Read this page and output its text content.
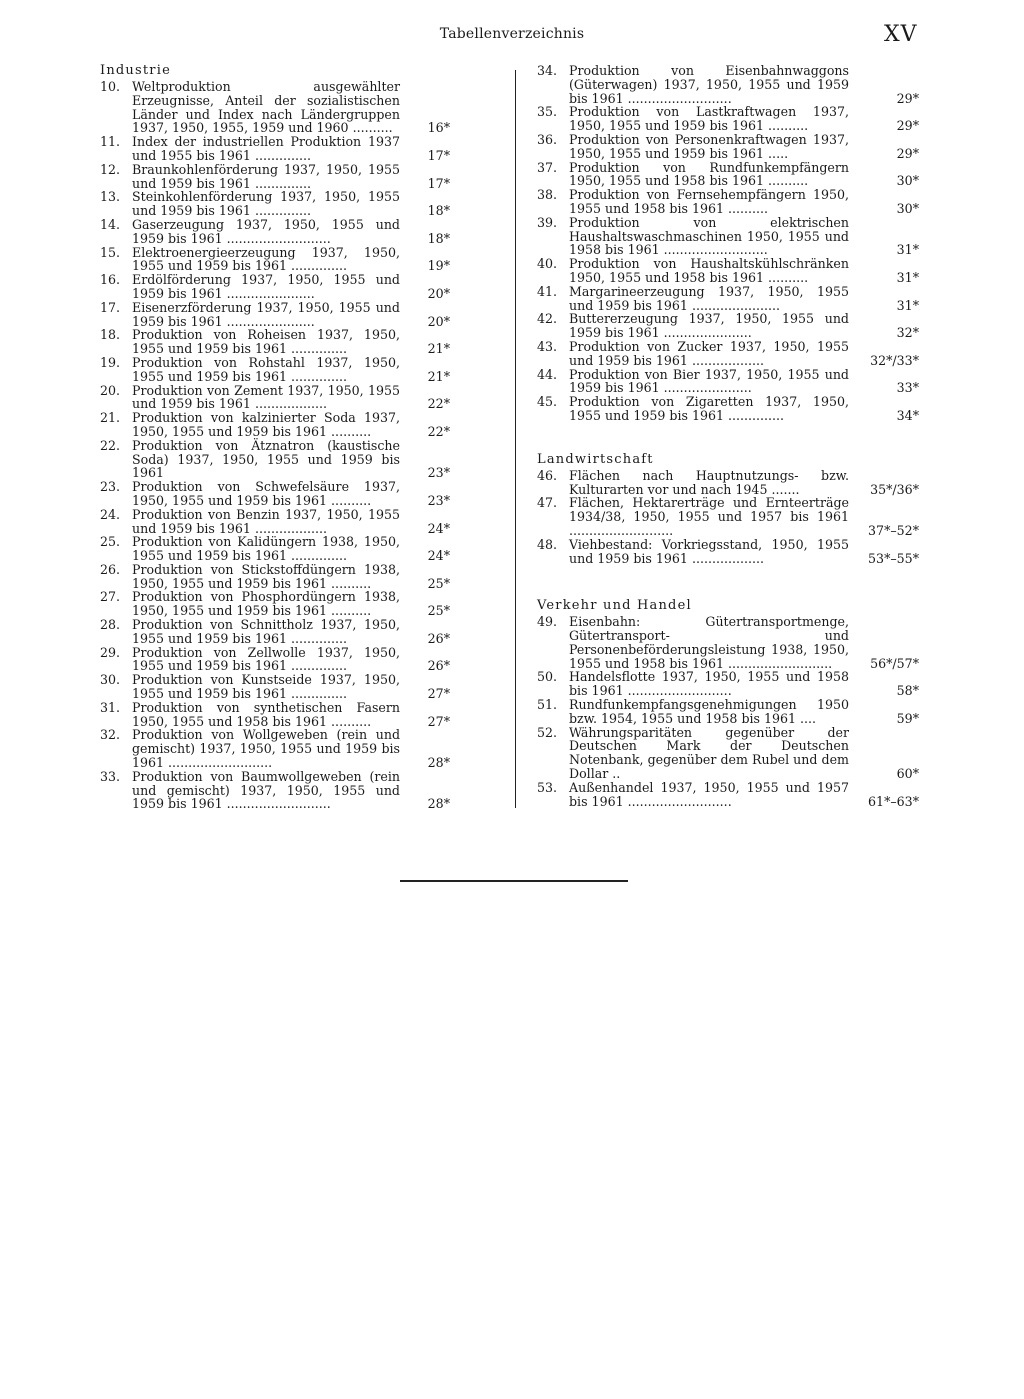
Tabellenverzeichnis	XV
Industrie
10. Weltproduktion ausgewählter Erzeugnisse, Anteil der sozialistischen Länder und Index nach Ländergruppen 1937, 1950, 1955, 1959 und 1960 ..........	16*
11. Index der industriellen Produktion 1937 und 1955 bis 1961 ..............	17*
12. Braunkohlenförderung 1937, 1950, 1955 und 1959 bis 1961 ..............	17*
13. Steinkohlenförderung 1937, 1950, 1955 und 1959 bis 1961 ..............	18*
14. Gaserzeugung 1937, 1950, 1955 und 1959 bis 1961 ..........................	18*
15. Elektroenergieerzeugung 1937, 1950, 1955 und 1959 bis 1961 ..............	19*
16. Erdölförderung 1937, 1950, 1955 und 1959 bis 1961 ......................	20*
17. Eisenerzförderung 1937, 1950, 1955 und 1959 bis 1961 ......................	20*
18. Produktion von Roheisen 1937, 1950, 1955 und 1959 bis 1961 ..............	21*
19. Produktion von Rohstahl 1937, 1950, 1955 und 1959 bis 1961 ..............	21*
20. Produktion von Zement 1937, 1950, 1955 und 1959 bis 1961 ..................	22*
21. Produktion von kalzinierter Soda 1937, 1950, 1955 und 1959 bis 1961 ..........	22*
22. Produktion von Ätznatron (kaustische Soda) 1937, 1950, 1955 und 1959 bis 1961	23*
23. Produktion von Schwefelsäure 1937, 1950, 1955 und 1959 bis 1961 ..........	23*
24. Produktion von Benzin 1937, 1950, 1955 und 1959 bis 1961 ..................	24*
25. Produktion von Kalidüngern 1938, 1950, 1955 und 1959 bis 1961 ..............	24*
26. Produktion von Stickstoffdüngern 1938, 1950, 1955 und 1959 bis 1961 ..........	25*
27. Produktion von Phosphordüngern 1938, 1950, 1955 und 1959 bis 1961 ..........	25*
28. Produktion von Schnittholz 1937, 1950, 1955 und 1959 bis 1961 ..............	26*
29. Produktion von Zellwolle 1937, 1950, 1955 und 1959 bis 1961 ..............	26*
30. Produktion von Kunstseide 1937, 1950, 1955 und 1959 bis 1961 ..............	27*
31. Produktion von synthetischen Fasern 1950, 1955 und 1958 bis 1961 ..........	27*
32. Produktion von Wollgeweben (rein und gemischt) 1937, 1950, 1955 und 1959 bis 1961 ..........................	28*
33. Produktion von Baumwollgeweben (rein und gemischt) 1937, 1950, 1955 und 1959 bis 1961 ..........................	28*
34. Produktion von Eisenbahnwaggons (Güterwagen) 1937, 1950, 1955 und 1959 bis 1961 ..........................	29*
35. Produktion von Lastkraftwagen 1937, 1950, 1955 und 1959 bis 1961 ..........	29*
36. Produktion von Personenkraftwagen 1937, 1950, 1955 und 1959 bis 1961 .....	29*
37. Produktion von Rundfunkempfängern 1950, 1955 und 1958 bis 1961 ..........	30*
38. Produktion von Fernsehempfängern 1950, 1955 und 1958 bis 1961 ..........	30*
39. Produktion von elektrischen Haushaltswaschmaschinen 1950, 1955 und 1958 bis 1961 ..........................	31*
40. Produktion von Haushaltskühlschränken 1950, 1955 und 1958 bis 1961 ..........	31*
41. Margarineerzeugung 1937, 1950, 1955 und 1959 bis 1961 ......................	31*
42. Buttererzeugung 1937, 1950, 1955 und 1959 bis 1961 ......................	32*
43. Produktion von Zucker 1937, 1950, 1955 und 1959 bis 1961 ..................	32*/33*
44. Produktion von Bier 1937, 1950, 1955 und 1959 bis 1961 ......................	33*
45. Produktion von Zigaretten 1937, 1950, 1955 und 1959 bis 1961 ..............	34*
Landwirtschaft
46. Flächen nach Hauptnutzungs- bzw. Kulturarten vor und nach 1945 .......	35*/36*
47. Flächen, Hektarerträge und Ernteerträge 1934/38, 1950, 1955 und 1957 bis 1961 ..........................	37*–52*
48. Viehbestand: Vorkriegsstand, 1950, 1955 und 1959 bis 1961 ..................	53*–55*
Verkehr und Handel
49. Eisenbahn: Gütertransportmenge, Gütertransport- und Personenbeförderungsleistung 1938, 1950, 1955 und 1958 bis 1961 ..........................	56*/57*
50. Handelsflotte 1937, 1950, 1955 und 1958 bis 1961 ..........................	58*
51. Rundfunkempfangsgenehmigungen 1950 bzw. 1954, 1955 und 1958 bis 1961 ....	59*
52. Währungsparitäten gegenüber der Deutschen Mark der Deutschen Notenbank, gegenüber dem Rubel und dem Dollar ..	60*
53. Außenhandel 1937, 1950, 1955 und 1957 bis 1961 ..........................	61*–63*
